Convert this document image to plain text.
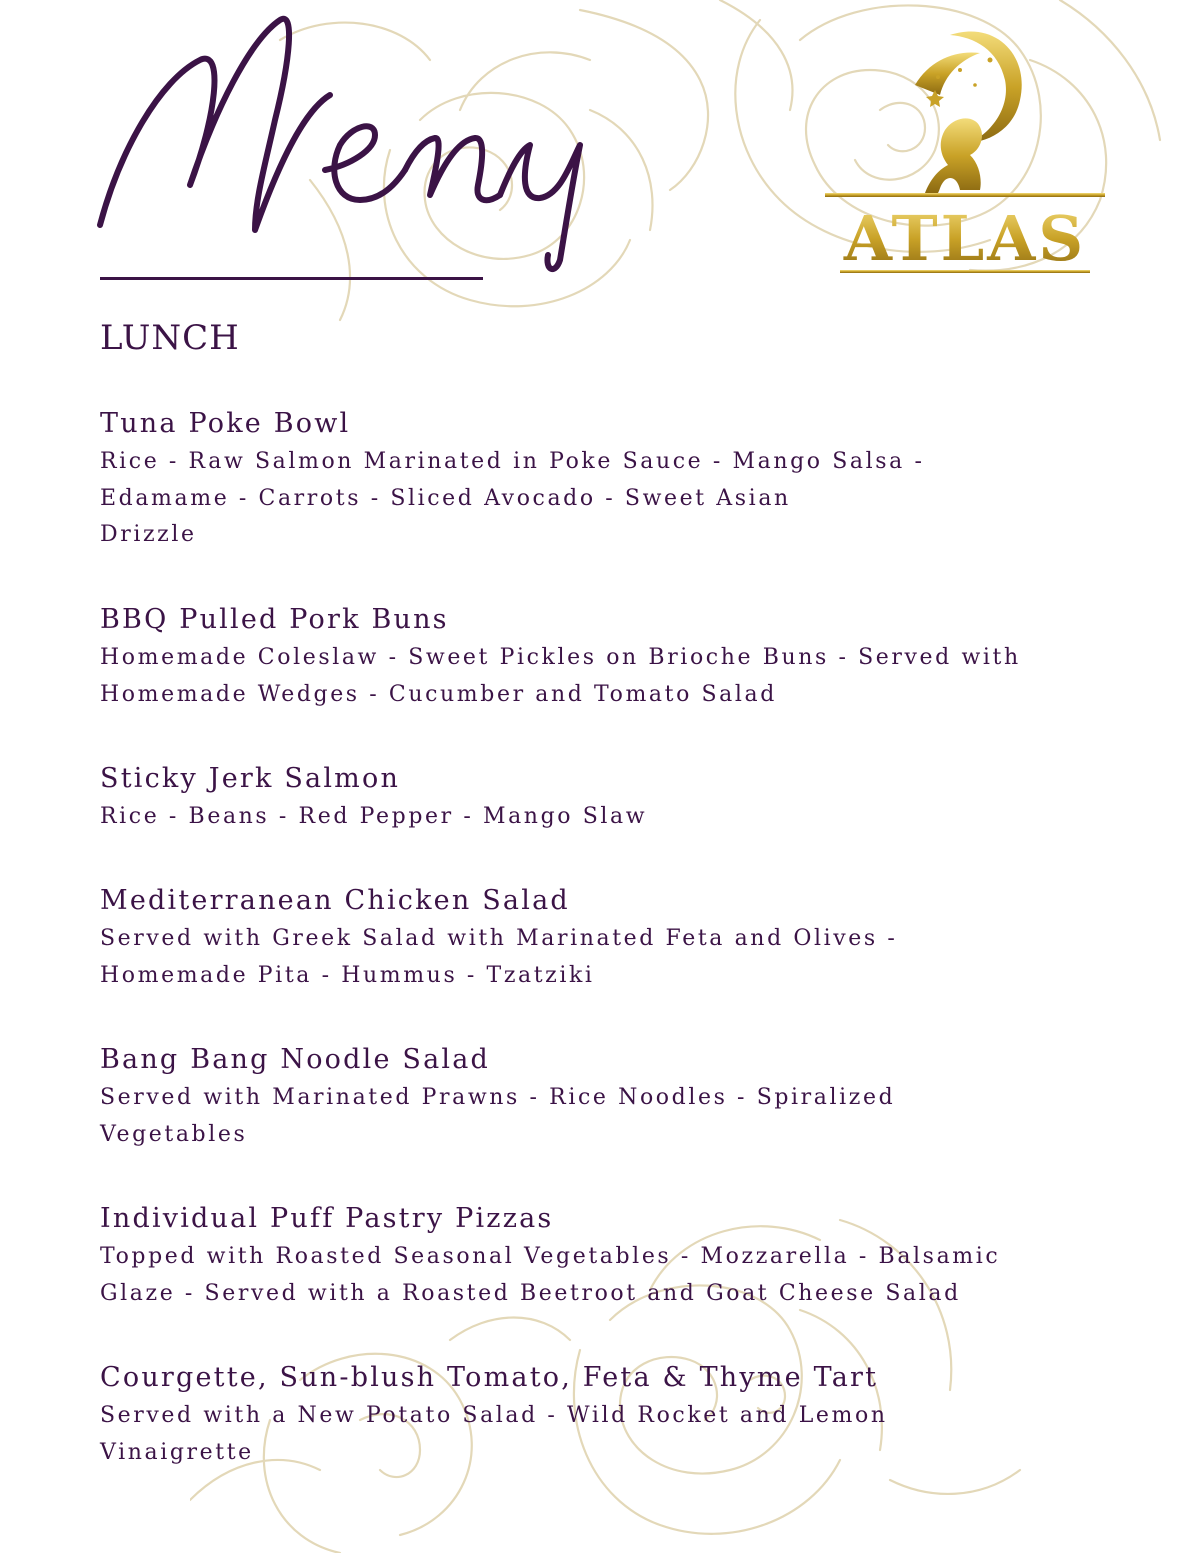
ATLAS
LUNCH
Tuna Poke Bowl

Rice - Raw Salmon Marinated in Poke Sauce - Mango Salsa -

Edamame - Carrots - Sliced Avocado - Sweet Asian

Drizzle

BBQ Pulled Pork Buns

Homemade Coleslaw - Sweet Pickles on Brioche Buns - Served with

Homemade Wedges - Cucumber and Tomato Salad

Sticky Jerk Salmon

Rice - Beans - Red Pepper - Mango Slaw

Mediterranean Chicken Salad

Served with Greek Salad with Marinated Feta and Olives -

Homemade Pita - Hummus - Tzatziki

Bang Bang Noodle Salad

Served with Marinated Prawns - Rice Noodles - Spiralized

Vegetables

Individual Puff Pastry Pizzas

Topped with Roasted Seasonal Vegetables - Mozzarella - Balsamic

Glaze - Served with a Roasted Beetroot and Goat Cheese Salad

Courgette, Sun-blush Tomato, Feta & Thyme Tart

Served with a New Potato Salad - Wild Rocket and Lemon

Vinaigrette
